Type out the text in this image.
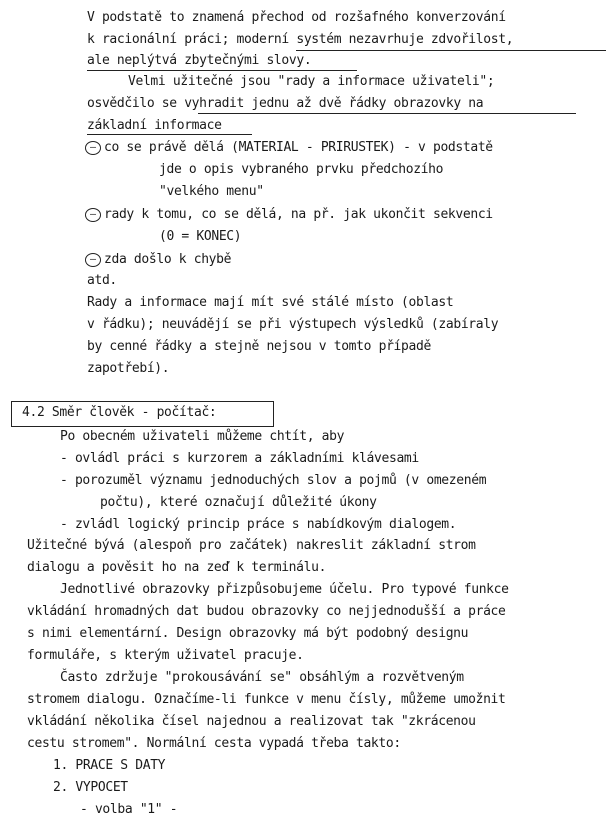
V podstatě to znamená přechod od rozšafného konverzování
k racionální práci; moderní systém nezavrhuje zdvořilost,
ale neplýtvá zbytečnými slovy.
Velmi užitečné jsou "rady a informace uživateli";
osvědčilo se vyhradit jednu až dvě řádky obrazovky na
základní informace
– co se právě dělá (MATERIAL - PRIRUSTEK) - v podstatě
jde o opis vybraného prvku předchozího
"velkého menu"
– rady k tomu, co se dělá, na př. jak ukončit sekvenci
(0 = KONEC)
– zda došlo k chybě
atd.
Rady a informace mají mít své stálé místo (oblast
v řádku); neuvádějí se při výstupech výsledků (zabíraly
by cenné řádky a stejně nejsou v tomto případě
zapotřebí).
4.2 Směr člověk - počítač:
Po obecném uživateli můžeme chtít, aby
- ovládl práci s kurzorem a základními klávesami
- porozuměl významu jednoduchých slov a pojmů (v omezeném
počtu), které označují důležité úkony
- zvládl logický princip práce s nabídkovým dialogem.
Užitečné bývá (alespoň pro začátek) nakreslit základní strom
dialogu a pověsit ho na zeď k terminálu.
Jednotlivé obrazovky přizpůsobujeme účelu. Pro typové funkce
vkládání hromadných dat budou obrazovky co nejjednodušší a práce
s nimi elementární. Design obrazovky má být podobný designu
formuláře, s kterým uživatel pracuje.
Často zdržuje "prokousávání se" obsáhlým a rozvětveným
stromem dialogu. Označíme-li funkce v menu čísly, můžeme umožnit
vkládání několika čísel najednou a realizovat tak "zkrácenou
cestu stromem". Normální cesta vypadá třeba takto:
1. PRACE S DATY
2. VYPOCET
- volba "1" -
